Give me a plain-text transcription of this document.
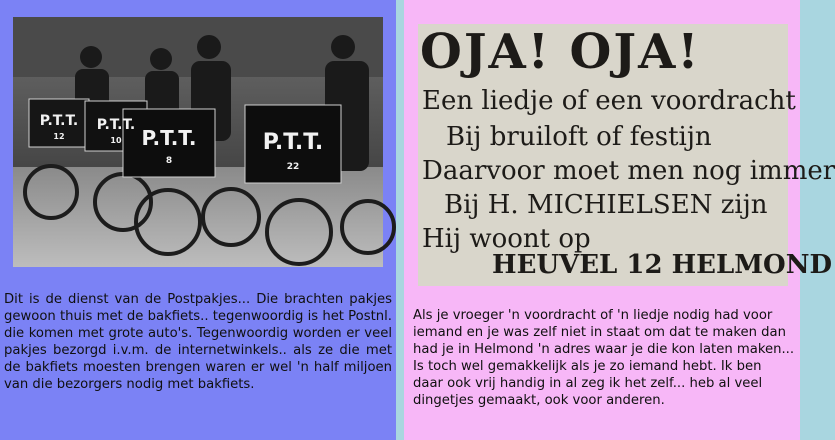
P.T.T.
12
P.T.T.
10 P.T.T.
8
P.T.T.
22

Dit is de dienst van de Postpakjes... Die brachten pakjes gewoon thuis met de bakfiets.. tegenwoordig is het Postnl. die komen met grote auto's. Tegenwoordig worden er veel pakjes bezorgd i.v.m. de internetwinkels.. als ze die met de bakfiets moesten brengen waren er wel 'n half miljoen van die bezorgers nodig met bakfiets.

OJA! OJA!
Een liedje of een voordracht
Bij bruiloft of festijn
Daarvoor moet men nog immer
Bij H. MICHIELSEN zijn
Hij woont op
HEUVEL 12 HELMOND

Als je vroeger 'n voordracht of 'n liedje nodig had voor iemand en je was zelf niet in staat om dat te maken dan had je in Helmond 'n adres waar je die kon laten maken... Is toch wel gemakkelijk als je zo iemand hebt. Ik ben daar ook vrij handig in al zeg ik het zelf... heb al veel dingetjes gemaakt, ook voor anderen.
